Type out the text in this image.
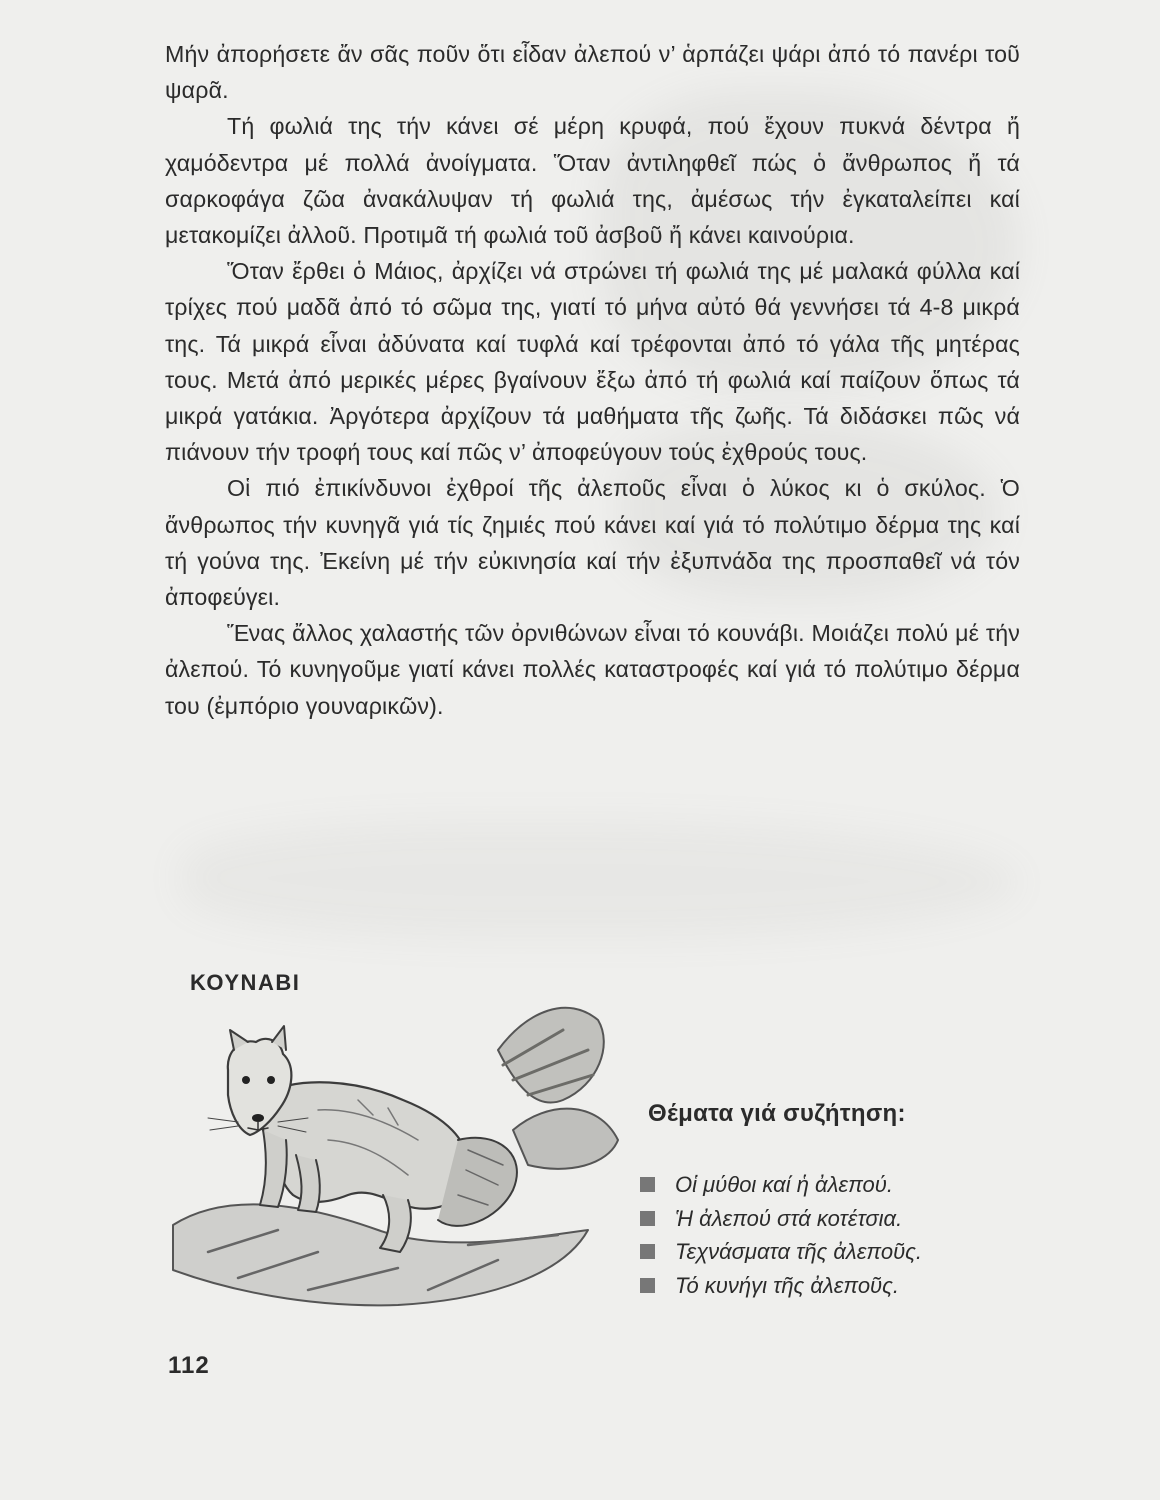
Μήν ἀπορήσετε ἄν σᾶς ποῦν ὅτι εἶδαν ἀλεπού ν’ ἁρπάζει ψάρι ἀπό τό πανέρι τοῦ ψαρᾶ.

Τή φωλιά της τήν κάνει σέ μέρη κρυφά, πού ἔχουν πυκνά δέντρα ἤ χαμόδεντρα μέ πολλά ἀνοίγματα. Ὅταν ἀντιληφθεῖ πώς ὁ ἄνθρωπος ἤ τά σαρκοφάγα ζῶα ἀνακάλυψαν τή φωλιά της, ἀμέσως τήν ἐγκαταλείπει καί μετακομίζει ἀλλοῦ. Προτιμᾶ τή φωλιά τοῦ ἀσβοῦ ἤ κάνει καινούρια.

Ὅταν ἔρθει ὁ Μάιος, ἀρχίζει νά στρώνει τή φωλιά της μέ μαλακά φύλλα καί τρίχες πού μαδᾶ ἀπό τό σῶμα της, γιατί τό μήνα αὐτό θά γεννήσει τά 4-8 μικρά της. Τά μικρά εἶναι ἀδύνατα καί τυφλά καί τρέφονται ἀπό τό γάλα τῆς μητέρας τους. Μετά ἀπό μερικές μέρες βγαίνουν ἔξω ἀπό τή φωλιά καί παίζουν ὅπως τά μικρά γατάκια. Ἀργότερα ἀρχίζουν τά μαθήματα τῆς ζωῆς. Τά διδάσκει πῶς νά πιάνουν τήν τροφή τους καί πῶς ν’ ἀποφεύγουν τούς ἐχθρούς τους.

Οἱ πιό ἐπικίνδυνοι ἐχθροί τῆς ἀλεποῦς εἶναι ὁ λύκος κι ὁ σκύλος. Ὁ ἄνθρωπος τήν κυνηγᾶ γιά τίς ζημιές πού κάνει καί γιά τό πολύτιμο δέρμα της καί τή γούνα της. Ἐκείνη μέ τήν εὐκινησία καί τήν ἐξυπνάδα της προσπαθεῖ νά τόν ἀποφεύγει.

Ἕνας ἄλλος χαλαστής τῶν ὀρνιθώνων εἶναι τό κουνάβι. Μοιάζει πολύ μέ τήν ἀλεπού. Τό κυνηγοῦμε γιατί κάνει πολλές καταστροφές καί γιά τό πολύτιμο δέρμα του (ἐμπόριο γουναρικῶν).

ΚΟΥΝΑΒΙ
Θέματα γιά συζήτηση:
Οἱ μύθοι καί ἡ ἀλεπού.
Ἡ ἀλεπού στά κοτέτσια.
Τεχνάσματα τῆς ἀλεποῦς.
Τό κυνήγι τῆς ἀλεποῦς.
112
